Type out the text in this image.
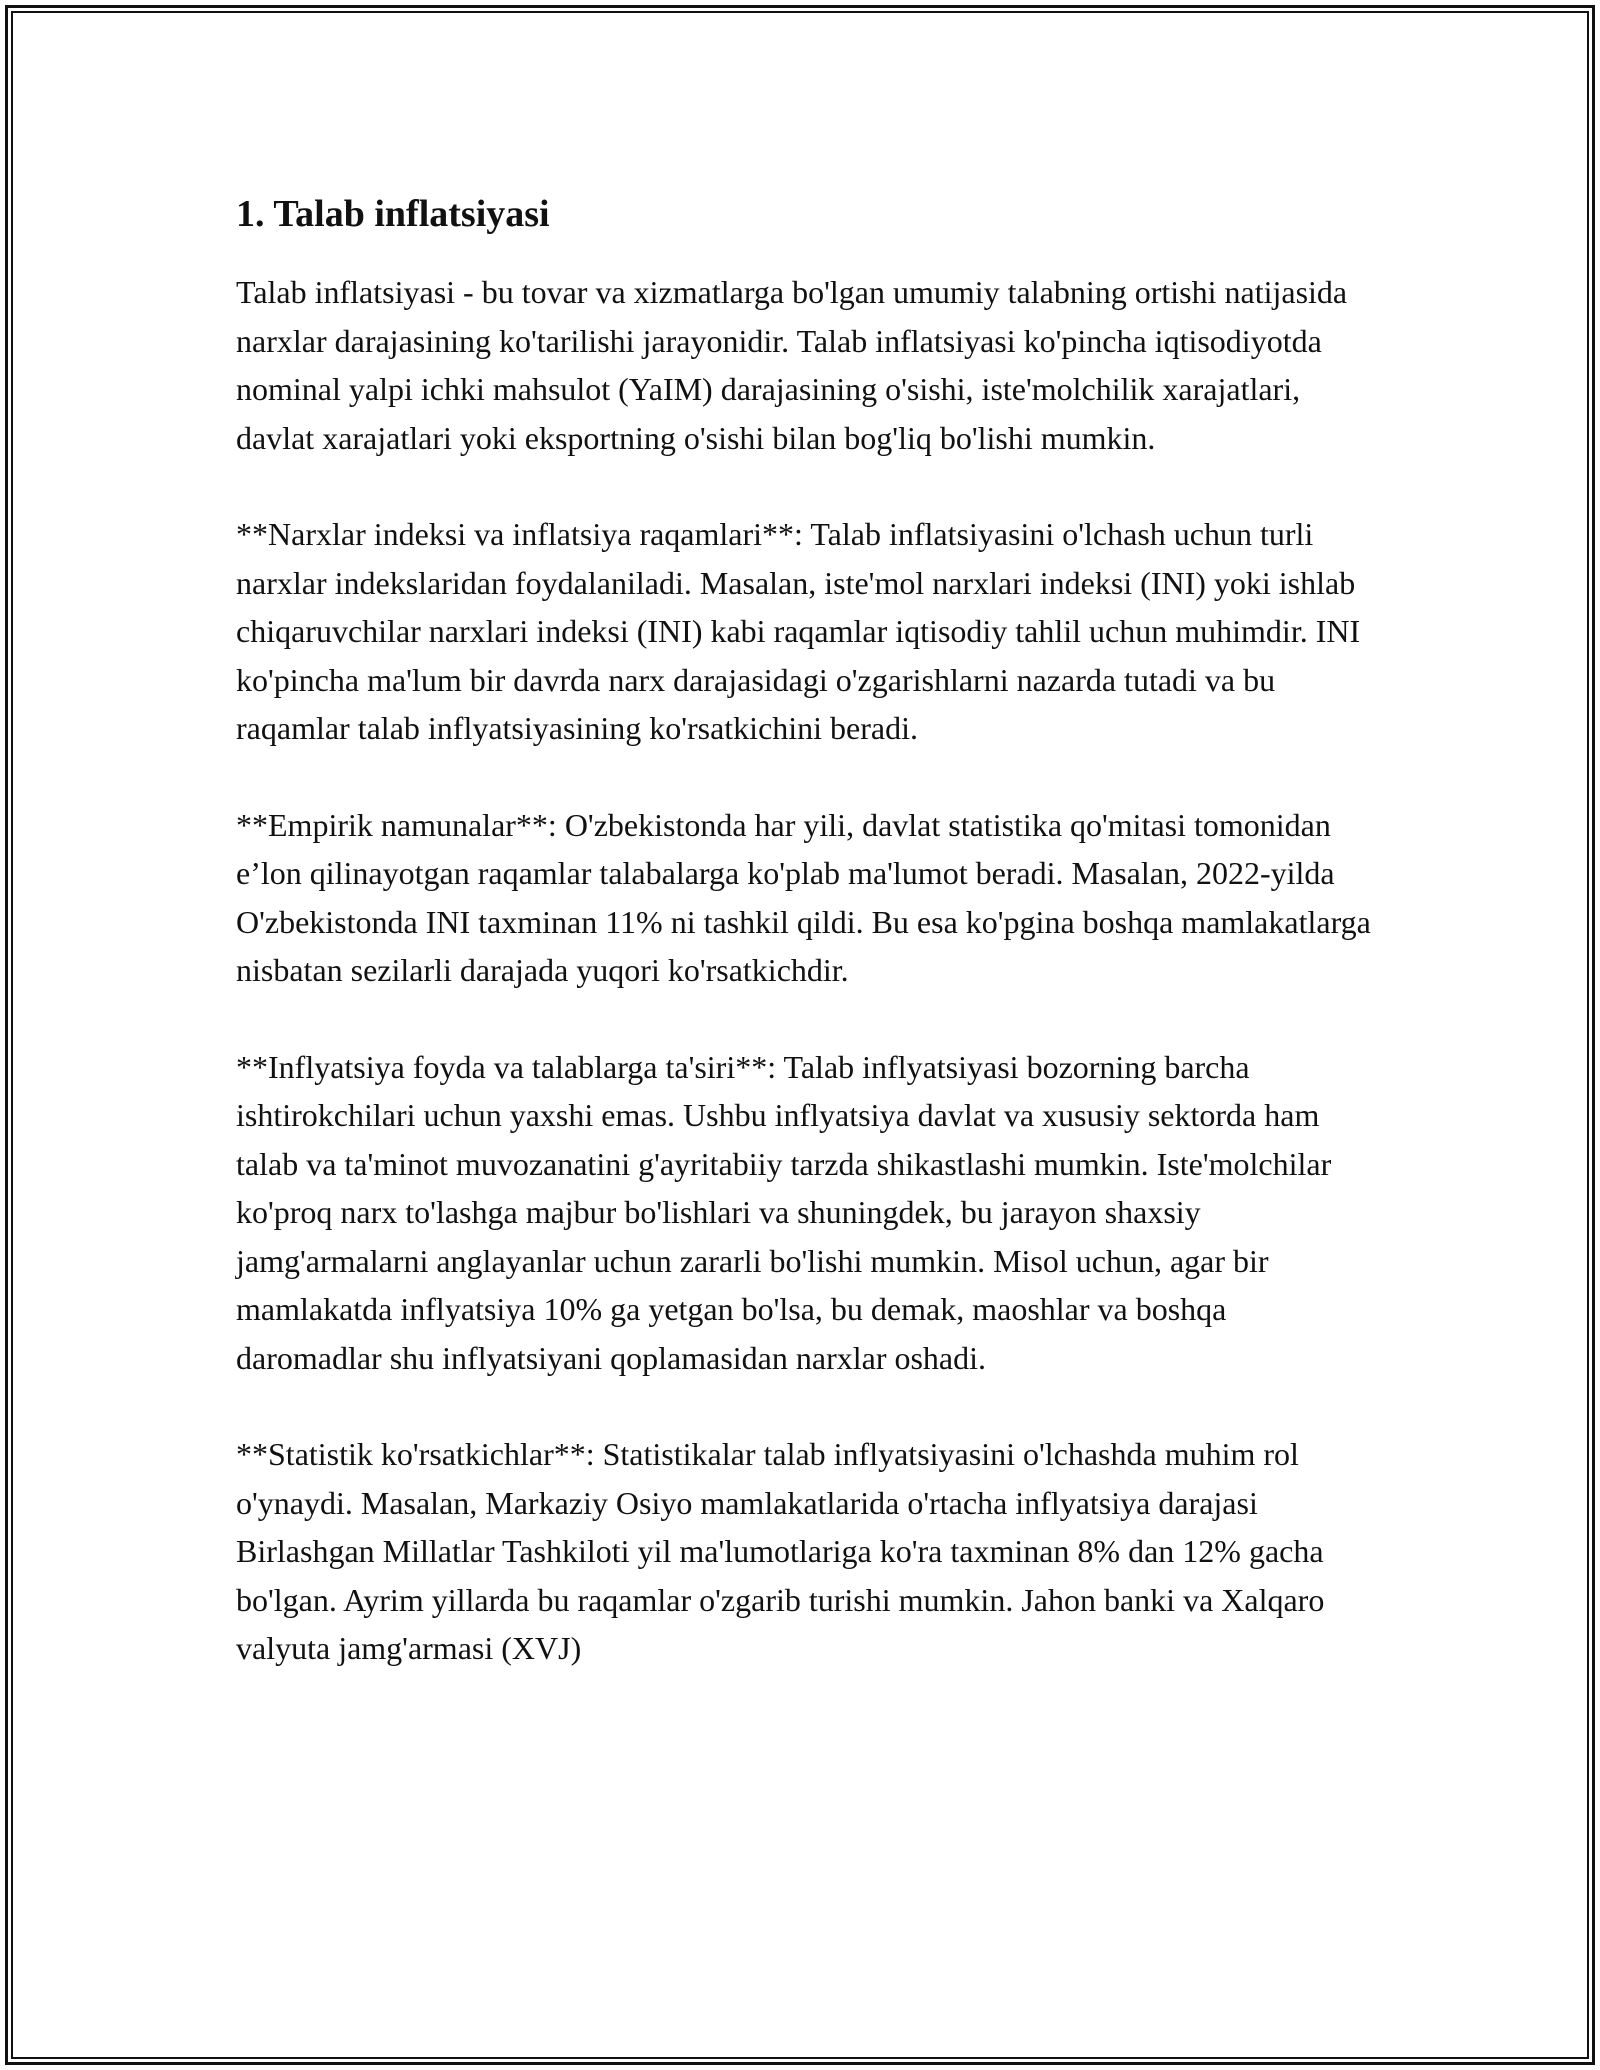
1. Talab inflatsiyasi

Talab inflatsiyasi - bu tovar va xizmatlarga bo'lgan umumiy talabning ortishi natijasida narxlar darajasining ko'tarilishi jarayonidir. Talab inflatsiyasi ko'pincha iqtisodiyotda nominal yalpi ichki mahsulot (YaIM) darajasining o'sishi, iste'molchilik xarajatlari, davlat xarajatlari yoki eksportning o'sishi bilan bog'liq bo'lishi mumkin.

**Narxlar indeksi va inflatsiya raqamlari**: Talab inflatsiyasini o'lchash uchun turli narxlar indekslaridan foydalaniladi. Masalan, iste'mol narxlari indeksi (INI) yoki ishlab chiqaruvchilar narxlari indeksi (INI) kabi raqamlar iqtisodiy tahlil uchun muhimdir. INI ko'pincha ma'lum bir davrda narx darajasidagi o'zgarishlarni nazarda tutadi va bu raqamlar talab inflyatsiyasining ko'rsatkichini beradi.

**Empirik namunalar**: O'zbekistonda har yili, davlat statistika qo'mitasi tomonidan e’lon qilinayotgan raqamlar talabalarga ko'plab ma'lumot beradi. Masalan, 2022-yilda O'zbekistonda INI taxminan 11% ni tashkil qildi. Bu esa ko'pgina boshqa mamlakatlarga nisbatan sezilarli darajada yuqori ko'rsatkichdir.

**Inflyatsiya foyda va talablarga ta'siri**: Talab inflyatsiyasi bozorning barcha ishtirokchilari uchun yaxshi emas. Ushbu inflyatsiya davlat va xususiy sektorda ham talab va ta'minot muvozanatini g'ayritabiiy tarzda shikastlashi mumkin. Iste'molchilar ko'proq narx to'lashga majbur bo'lishlari va shuningdek, bu jarayon shaxsiy jamg'armalarni anglayanlar uchun zararli bo'lishi mumkin. Misol uchun, agar bir mamlakatda inflyatsiya 10% ga yetgan bo'lsa, bu demak, maoshlar va boshqa daromadlar shu inflyatsiyani qoplamasidan narxlar oshadi.

**Statistik ko'rsatkichlar**: Statistikalar talab inflyatsiyasini o'lchashda muhim rol o'ynaydi. Masalan, Markaziy Osiyo mamlakatlarida o'rtacha inflyatsiya darajasi Birlashgan Millatlar Tashkiloti yil ma'lumotlariga ko'ra taxminan 8% dan 12% gacha bo'lgan. Ayrim yillarda bu raqamlar o'zgarib turishi mumkin. Jahon banki va Xalqaro valyuta jamg'armasi (XVJ)
